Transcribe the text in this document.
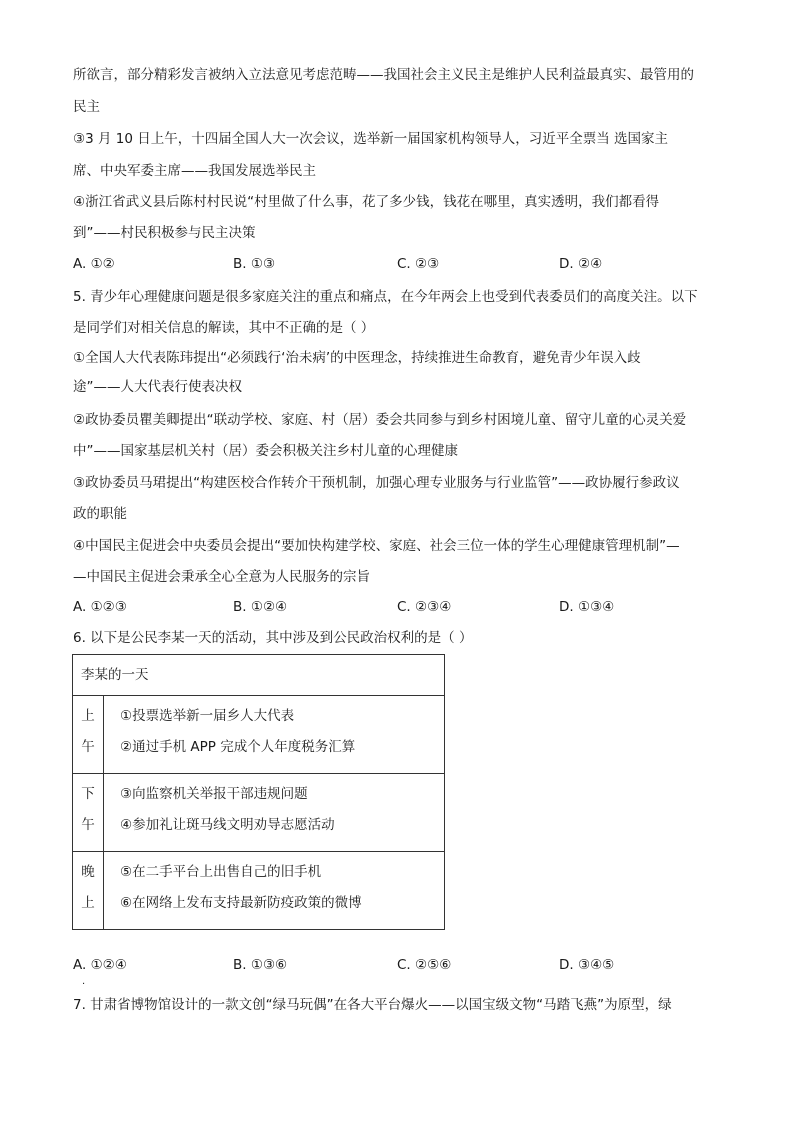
所欲言，部分精彩发言被纳入立法意见考虑范畴——我国社会主义民主是维护人民利益最真实、最管用的
民主
③3 月 10 日上午，十四届全国人大一次会议，选举新一届国家机构领导人，习近平全票当 选国家主
席、中央军委主席——我国发展选举民主
④浙江省武义县后陈村村民说“村里做了什么事，花了多少钱，钱花在哪里，真实透明，我们都看得
到”——村民积极参与民主决策
A. ①②	B. ①③	C. ②③	D. ②④
5. 青少年心理健康问题是很多家庭关注的重点和痛点，在今年两会上也受到代表委员们的高度关注。以下
是同学们对相关信息的解读，其中不正确的是（ ）
①全国人大代表陈玮提出“必须践行‘治未病’的中医理念，持续推进生命教育，避免青少年误入歧
途”——人大代表行使表决权
②政协委员瞿美卿提出“联动学校、家庭、村（居）委会共同参与到乡村困境儿童、留守儿童的心灵关爱
中”——国家基层机关村（居）委会积极关注乡村儿童的心理健康
③政协委员马珺提出“构建医校合作转介干预机制，加强心理专业服务与行业监管”——政协履行参政议
政的职能
④中国民主促进会中央委员会提出“要加快构建学校、家庭、社会三位一体的学生心理健康管理机制”—
—中国民主促进会秉承全心全意为人民服务的宗旨
A. ①②③	B. ①②④	C. ②③④	D. ①③④
6. 以下是公民李某一天的活动，其中涉及到公民政治权利的是（ ）
李某的一天	

上
午	①投票选举新一届乡人大代表
②通过手机 APP 完成个人年度税务汇算

下
午	③向监察机关举报干部违规问题
④参加礼让斑马线文明劝导志愿活动

晚
上	⑤在二手平台上出售自己的旧手机
⑥在网络上发布支持最新防疫政策的微博
A. ①②④	B. ①③⑥	C. ②⑤⑥	D. ③④⑤
.
7. 甘肃省博物馆设计的一款文创“绿马玩偶”在各大平台爆火——以国宝级文物“马踏飞燕”为原型，绿
